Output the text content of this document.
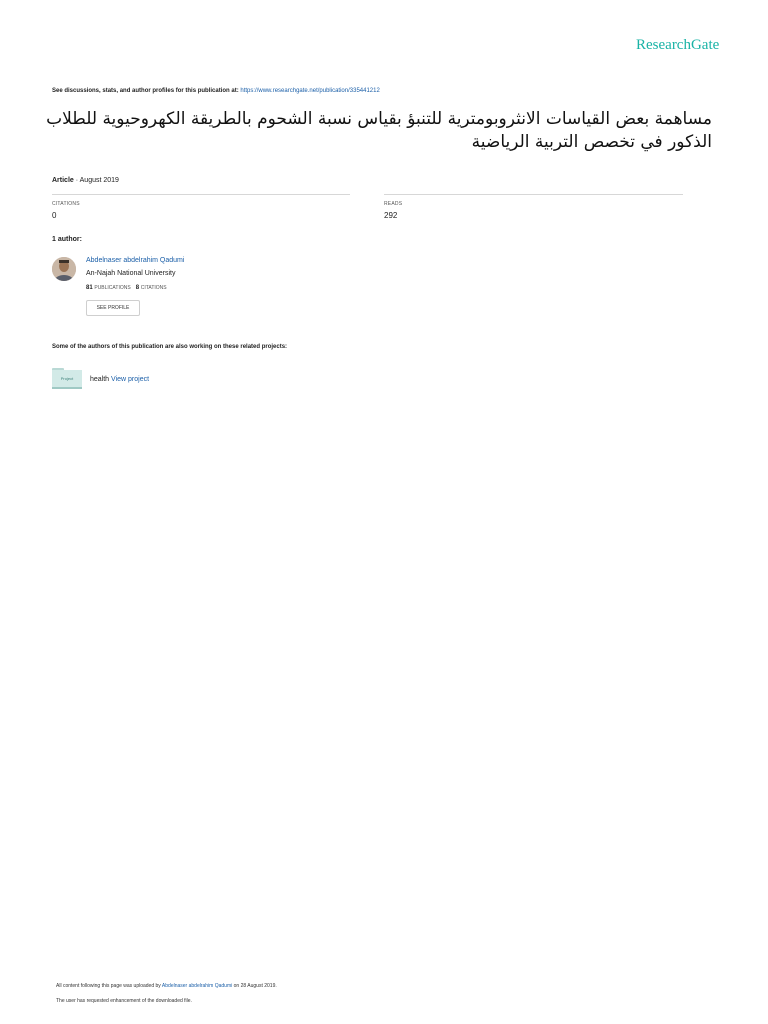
ResearchGate
See discussions, stats, and author profiles for this publication at: https://www.researchgate.net/publication/335441212
مساهمة بعض القياسات الانثروبومترية للتنبؤ بقياس نسبة الشحوم بالطريقة الكهروحيوية للطلاب الذكور في تخصص التربية الرياضية
Article · August 2019
CITATIONS
0
READS
292
1 author:
Abdelnaser abdelrahim Qadumi
An-Najah National University
81 PUBLICATIONS 8 CITATIONS
SEE PROFILE
Some of the authors of this publication are also working on these related projects:
Project	health View project
All content following this page was uploaded by Abdelnaser abdelrahim Qadumi on 28 August 2019.
The user has requested enhancement of the downloaded file.
